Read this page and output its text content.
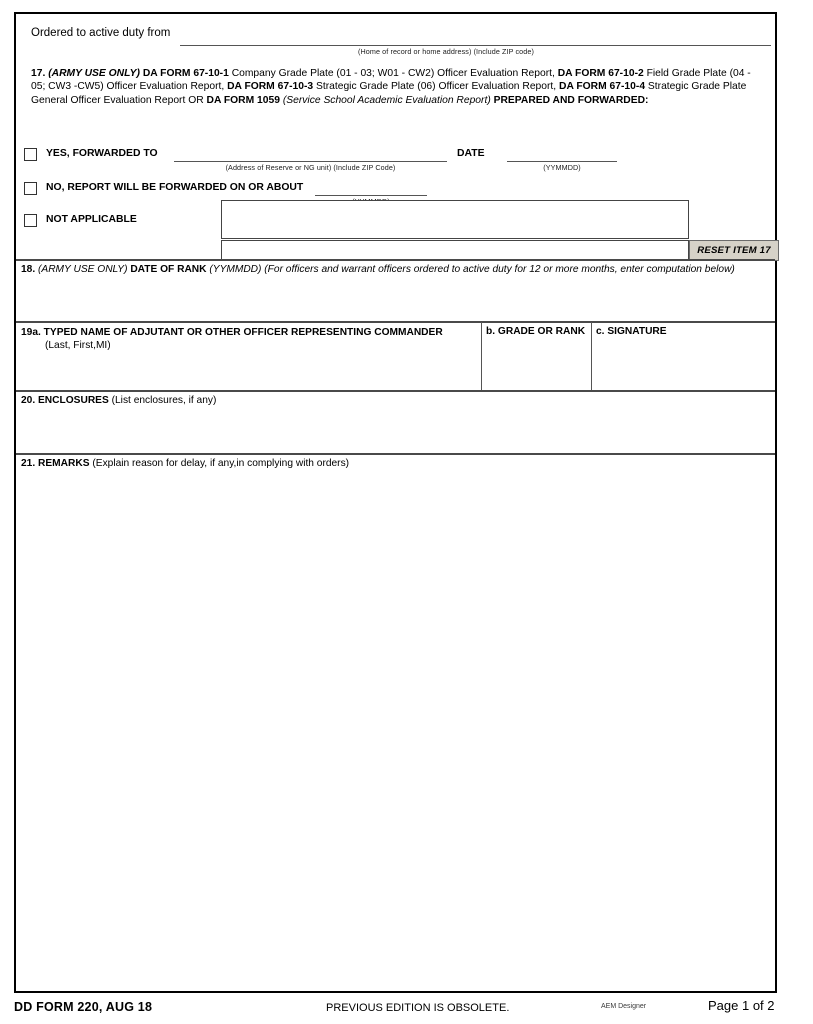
Ordered to active duty from
(Home of record or home address) (Include ZIP code)
17. (ARMY USE ONLY) DA FORM 67-10-1 Company Grade Plate (01 - 03; W01 - CW2) Officer Evaluation Report, DA FORM 67-10-2 Field Grade Plate (04 - 05; CW3 -CW5) Officer Evaluation Report, DA FORM 67-10-3 Strategic Grade Plate (06) Officer Evaluation Report, DA FORM 67-10-4 Strategic Grade Plate General Officer Evaluation Report OR DA FORM 1059 (Service School Academic Evaluation Report) PREPARED AND FORWARDED:
YES, FORWARDED TO
(Address of Reserve or NG unit) (Include ZIP Code)
DATE
(YYMMDD)
NO, REPORT WILL BE FORWARDED ON OR ABOUT
NOT APPLICABLE
RESET ITEM 17
18. (ARMY USE ONLY) DATE OF RANK (YYMMDD) (For officers and warrant officers ordered to active duty for 12 or more months, enter computation below)
19a. TYPED NAME OF ADJUTANT OR OTHER OFFICER REPRESENTING COMMANDER
(Last, First,MI)
b. GRADE OR RANK c. SIGNATURE
20. ENCLOSURES (List enclosures, if any)
21. REMARKS (Explain reason for delay, if any,in complying with orders)
DD FORM 220, AUG 18	PREVIOUS EDITION IS OBSOLETE.	AEM Designer	Page 1 of 2
